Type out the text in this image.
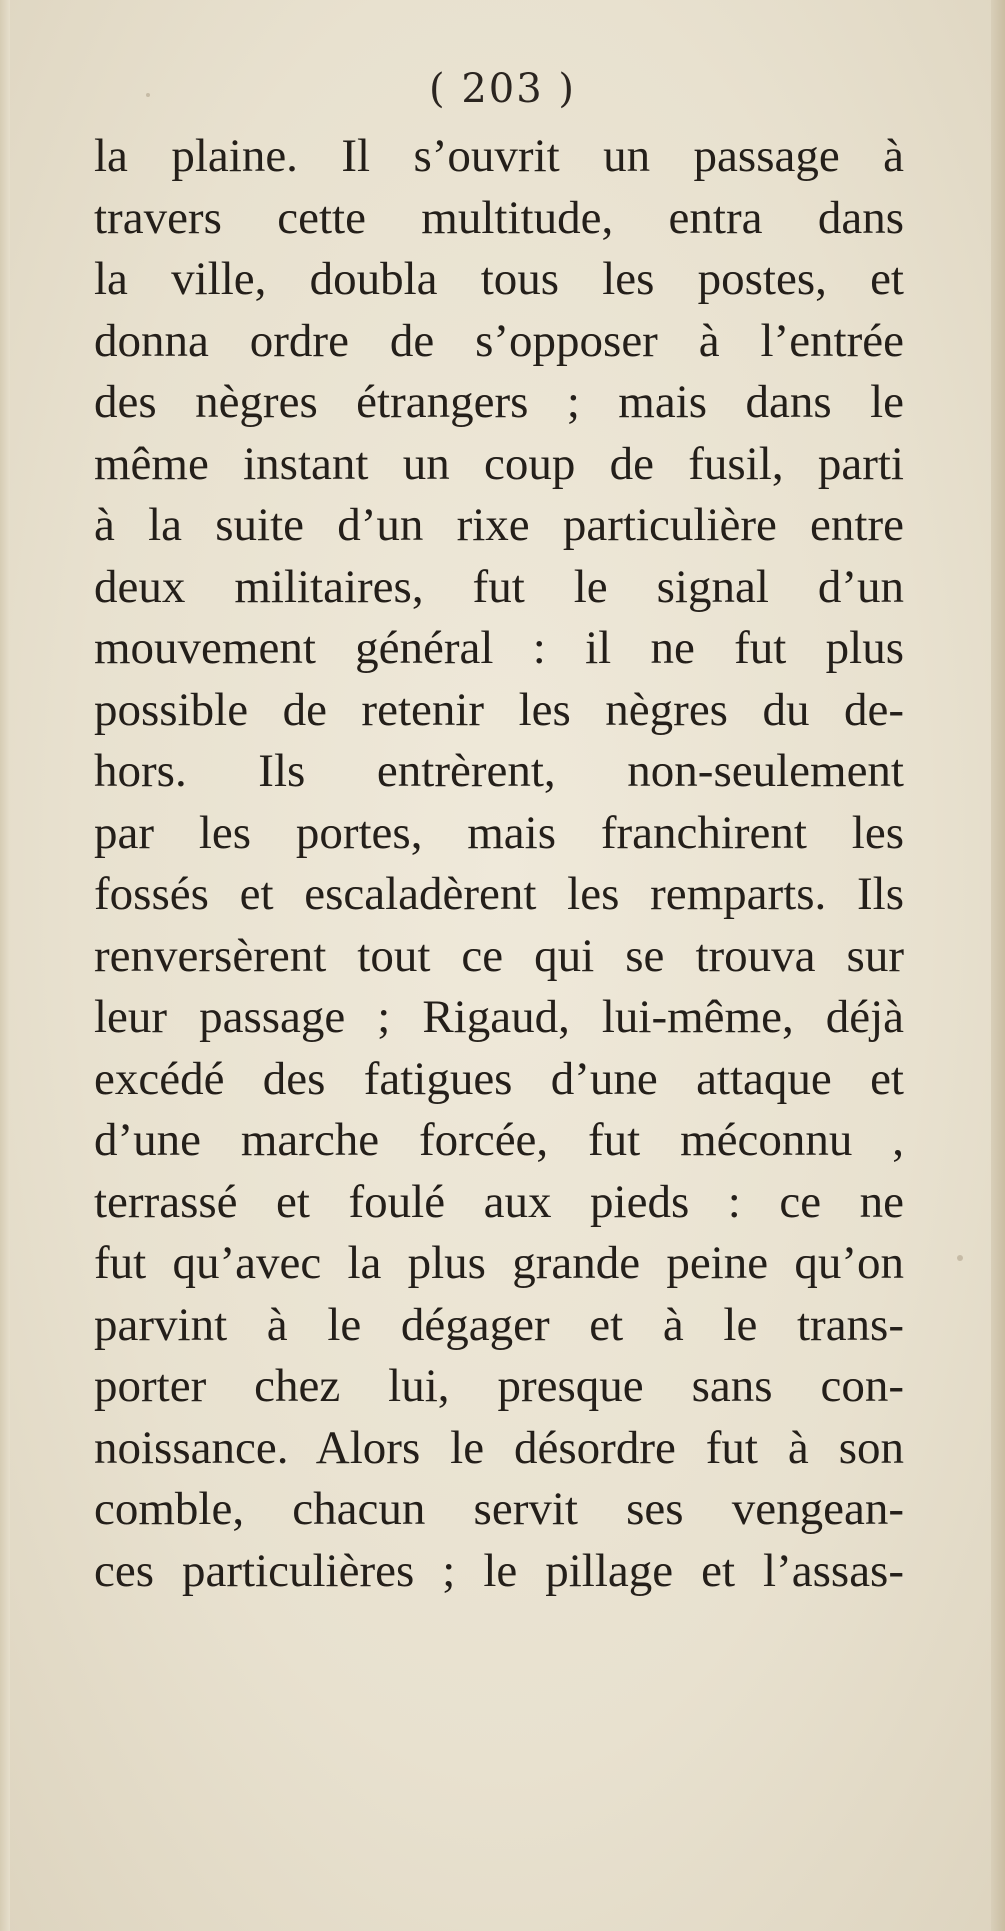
( 203 )
la plaine. Il s’ouvrit un passage à
travers cette multitude, entra dans
la ville, doubla tous les postes, et
donna ordre de s’opposer à l’entrée
des nègres étrangers ; mais dans le
même instant un coup de fusil, parti
à la suite d’un rixe particulière entre
deux militaires, fut le signal d’un
mouvement général : il ne fut plus
possible de retenir les nègres du de-
hors. Ils entrèrent, non-seulement
par les portes, mais franchirent les
fossés et escaladèrent les remparts. Ils
renversèrent tout ce qui se trouva sur
leur passage ; Rigaud, lui-même, déjà
excédé des fatigues d’une attaque et
d’une marche forcée, fut méconnu ,
terrassé et foulé aux pieds : ce ne
fut qu’avec la plus grande peine qu’on
parvint à le dégager et à le trans-
porter chez lui, presque sans con-
noissance. Alors le désordre fut à son
comble, chacun servit ses vengean-
ces particulières ; le pillage et l’assas-
